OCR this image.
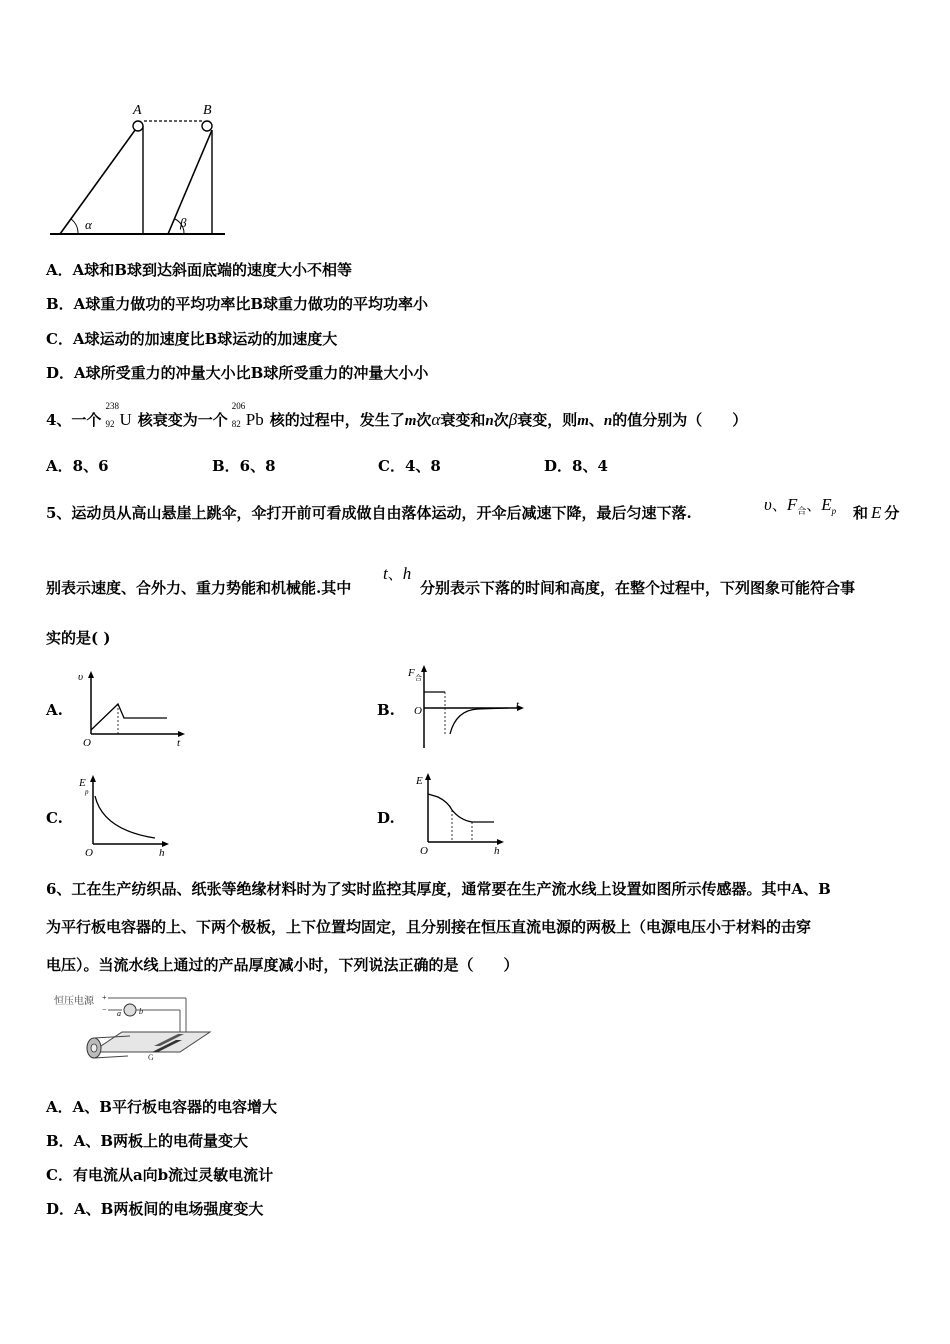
A	B
α	β
A．A球和B球到达斜面底端的速度大小不相等
B．A球重力做功的平均功率比B球重力做功的平均功率小
C．A球运动的加速度比B球运动的加速度大
D．A球所受重力的冲量大小比B球所受重力的冲量大小小
4、一个
238
92 U 核衰变为一个
206
82 Pb 核的过程中，发生了m次α衰变和n次β衰变，则m、n的值分别为（　　）
A．8、6	B．6、8	C．4、8	D．8、4
5、运动员从高山悬崖上跳伞，伞打开前可看成做自由落体运动，开伞后减速下降，最后匀速下落.	υ、$F_合$、$E_p$ 和 E 分
别表示速度、合外力、重力势能和机械能.其中
t、h
分别表示下落的时间和高度，在整个过程中，下列图象可能符合事
实的是( )
A.	B.
C.	D.
υ
O	t
F 合
O	t
E
p
O	h
E
O	h
6、工在生产纺织品、纸张等绝缘材料时为了实时监控其厚度，通常要在生产流水线上设置如图所示传感器。其中A、B
为平行板电容器的上、下两个极板，上下位置均固定，且分别接在恒压直流电源的两极上（电源电压小于材料的击穿
电压）。当流水线上通过的产品厚度减小时，下列说法正确的是（　　）
恒压电源 +
− a b
G
A．A、B平行板电容器的电容增大
B．A、B两板上的电荷量变大
C．有电流从a向b流过灵敏电流计
D．A、B两板间的电场强度变大
